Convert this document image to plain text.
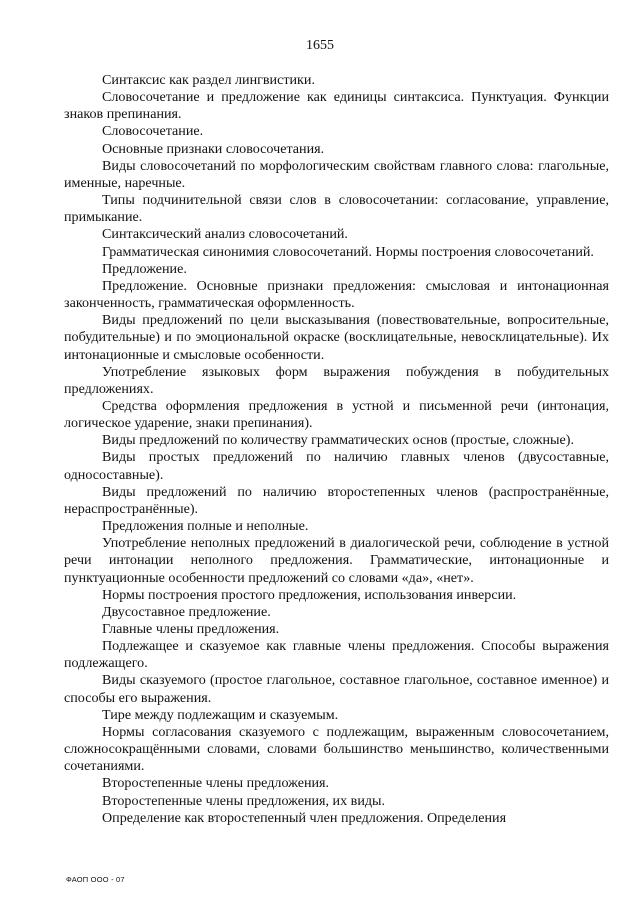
1655

Синтаксис как раздел лингвистики.

Словосочетание и предложение как единицы синтаксиса. Пунктуация. Функции знаков препинания.

Словосочетание.

Основные признаки словосочетания.

Виды словосочетаний по морфологическим свойствам главного слова: глагольные, именные, наречные.

Типы подчинительной связи слов в словосочетании: согласование, управление, примыкание.

Синтаксический анализ словосочетаний.

Грамматическая синонимия словосочетаний. Нормы построения словосочетаний.

Предложение.

Предложение. Основные признаки предложения: смысловая и интонационная законченность, грамматическая оформленность.

Виды предложений по цели высказывания (повествовательные, вопросительные, побудительные) и по эмоциональной окраске (восклицательные, невосклицательные). Их интонационные и смысловые особенности.

Употребление языковых форм выражения побуждения в побудительных предложениях.

Средства оформления предложения в устной и письменной речи (интонация, логическое ударение, знаки препинания).

Виды предложений по количеству грамматических основ (простые, сложные).

Виды простых предложений по наличию главных членов (двусоставные, односоставные).

Виды предложений по наличию второстепенных членов (распространённые, нераспространённые).

Предложения полные и неполные.

Употребление неполных предложений в диалогической речи, соблюдение в устной речи интонации неполного предложения. Грамматические, интонационные и пунктуационные особенности предложений со словами «да», «нет».

Нормы построения простого предложения, использования инверсии.

Двусоставное предложение.

Главные члены предложения.

Подлежащее и сказуемое как главные члены предложения. Способы выражения подлежащего.

Виды сказуемого (простое глагольное, составное глагольное, составное именное) и способы его выражения.

Тире между подлежащим и сказуемым.

Нормы согласования сказуемого с подлежащим, выраженным словосочетанием, сложносокращёнными словами, словами большинство меньшинство, количественными сочетаниями.

Второстепенные члены предложения.

Второстепенные члены предложения, их виды.

Определение как второстепенный член предложения. Определения

ФАОП ООО - 07
